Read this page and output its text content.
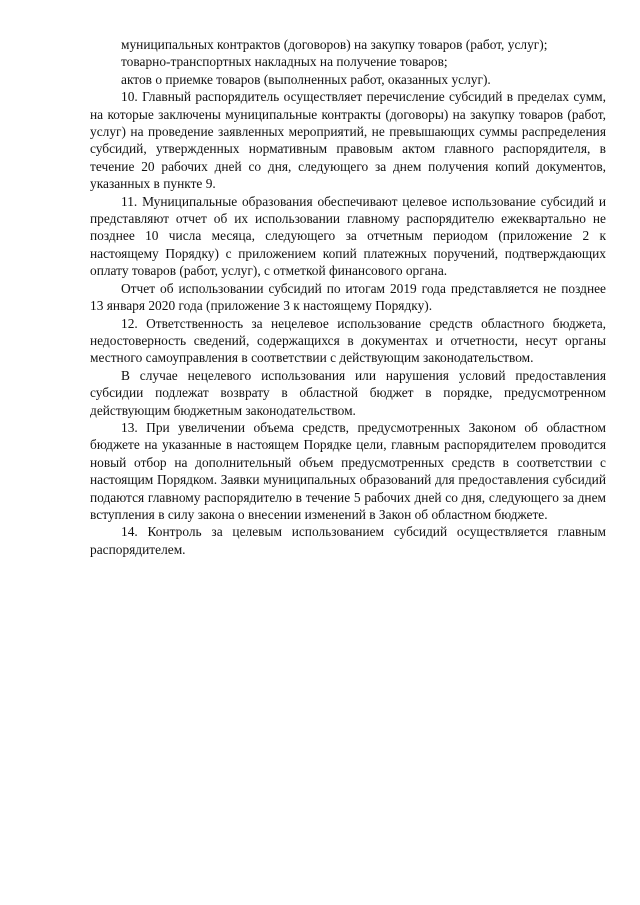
муниципальных контрактов (договоров) на закупку товаров (работ, услуг);

товарно-транспортных накладных на получение товаров;

актов о приемке товаров (выполненных работ, оказанных услуг).

10. Главный распорядитель осуществляет перечисление субсидий в пределах сумм, на которые заключены муниципальные контракты (договоры) на закупку товаров (работ, услуг) на проведение заявленных мероприятий, не превышающих суммы распределения субсидий, утвержденных нормативным правовым актом главного распорядителя, в течение 20 рабочих дней со дня, следующего за днем получения копий документов, указанных в пункте 9.

11. Муниципальные образования обеспечивают целевое использование субсидий и представляют отчет об их использовании главному распорядителю ежеквартально не позднее 10 числа месяца, следующего за отчетным периодом (приложение 2 к настоящему Порядку) с приложением копий платежных поручений, подтверждающих оплату товаров (работ, услуг), с отметкой финансового органа.

Отчет об использовании субсидий по итогам 2019 года представляется не позднее 13 января 2020 года (приложение 3 к настоящему Порядку).

12. Ответственность за нецелевое использование средств областного бюджета, недостоверность сведений, содержащихся в документах и отчетности, несут органы местного самоуправления в соответствии с действующим законодательством.

В случае нецелевого использования или нарушения условий предоставления субсидии подлежат возврату в областной бюджет в порядке, предусмотренном действующим бюджетным законодательством.

13. При увеличении объема средств, предусмотренных Законом об областном бюджете на указанные в настоящем Порядке цели, главным распорядителем проводится новый отбор на дополнительный объем предусмотренных средств в соответствии с настоящим Порядком. Заявки муниципальных образований для предоставления субсидий подаются главному распорядителю в течение 5 рабочих дней со дня, следующего за днем вступления в силу закона о внесении изменений в Закон об областном бюджете.

14. Контроль за целевым использованием субсидий осуществляется главным распорядителем.
